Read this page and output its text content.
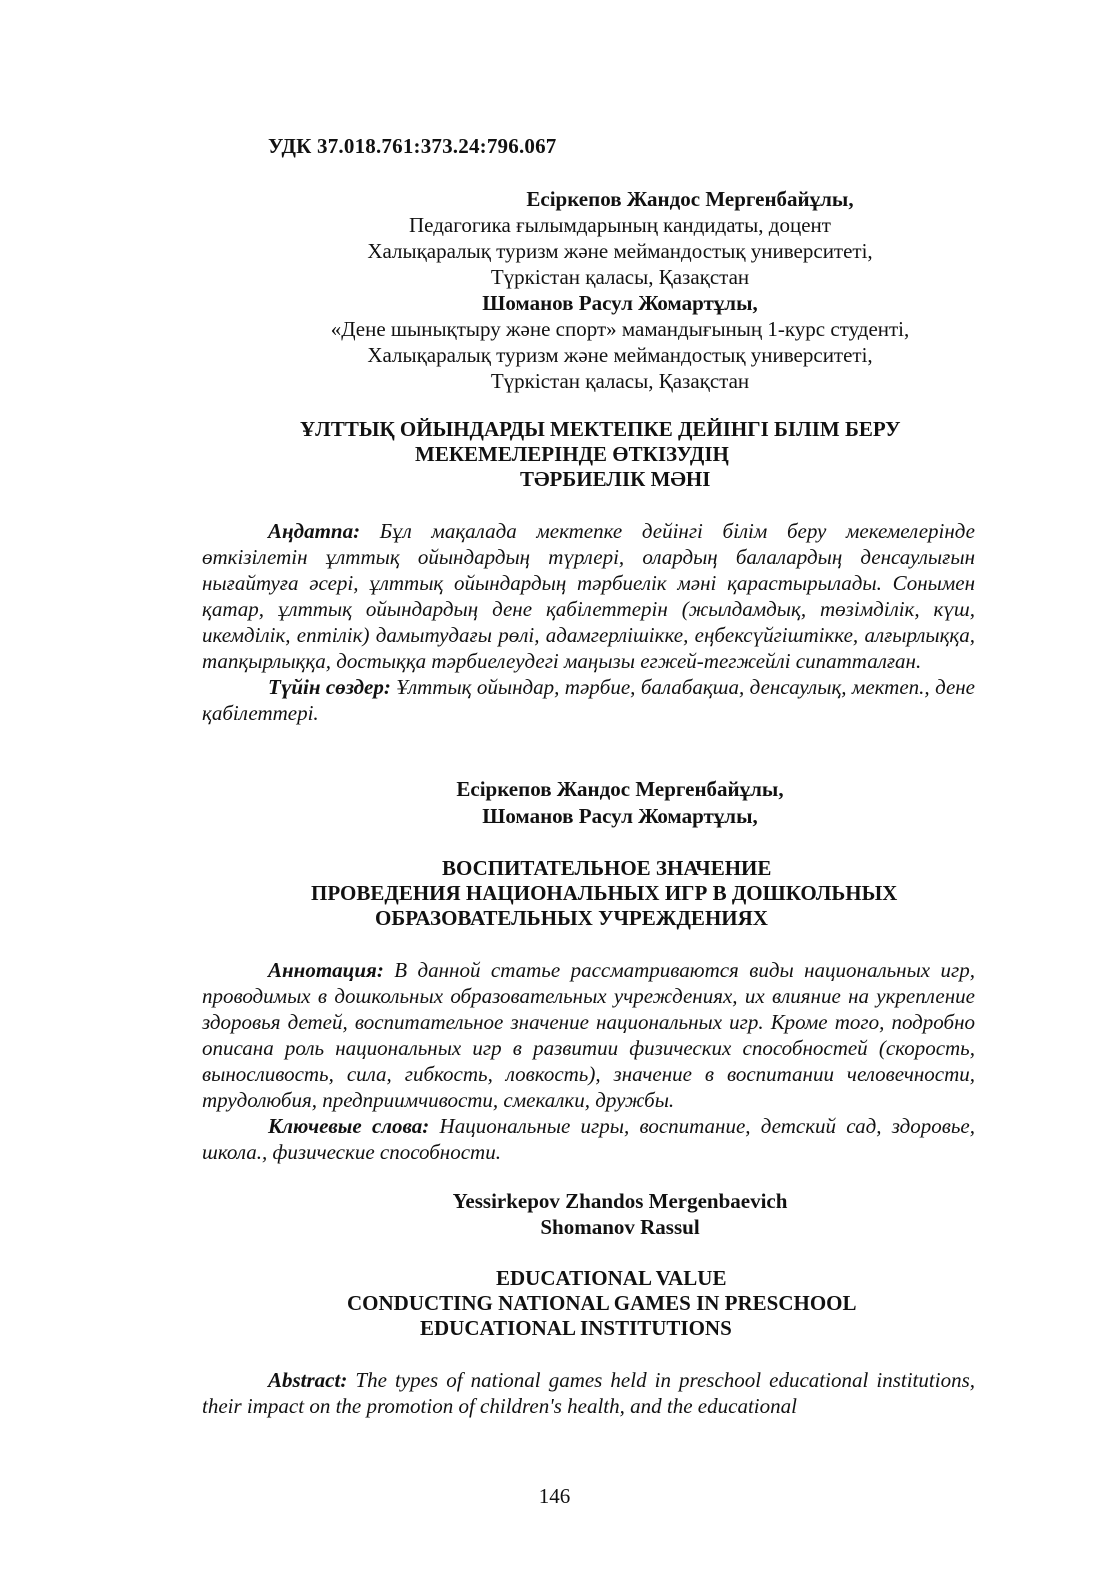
УДК 37.018.761:373.24:796.067
Есіркепов Жандос Мергенбайұлы,
Педагогика ғылымдарының кандидаты, доцент
Халықаралық туризм және меймандостық университеті,
Түркістан қаласы, Қазақстан
Шоманов Расул Жомартұлы,
«Дене шынықтыру және спорт» мамандығының 1-курс студенті,
Халықаралық туризм және меймандостық университеті,
Түркістан қаласы, Қазақстан
ҰЛТТЫҚ ОЙЫНДАРДЫ МЕКТЕПКЕ ДЕЙІНГІ БІЛІМ БЕРУ
МЕКЕМЕЛЕРІНДЕ ӨТКІЗУДІҢ
ТӘРБИЕЛІК МӘНІ

Аңдатпа: Бұл мақалада мектепке дейінгі білім беру мекемелерінде өткізілетін ұлттық ойындардың түрлері, олардың балалардың денсаулығын нығайтуға әсері, ұлттық ойындардың тәрбиелік мәні қарастырылады. Сонымен қатар, ұлттық ойындардың дене қабілеттерін (жылдамдық, төзімділік, күш, икемділік, ептілік) дамытудағы рөлі, адамгерлішікке, еңбексүйгіштікке, алғырлыққа, тапқырлыққа, достыққа тәрбиелеудегі маңызы егжей-тегжейлі сипатталған.

Түйін сөздер: Ұлттық ойындар, тәрбие, балабақша, денсаулық, мектеп., дене қабілеттері.

Есіркепов Жандос Мергенбайұлы,
Шоманов Расул Жомартұлы,
ВОСПИТАТЕЛЬНОЕ ЗНАЧЕНИЕ
ПРОВЕДЕНИЯ НАЦИОНАЛЬНЫХ ИГР В ДОШКОЛЬНЫХ
ОБРАЗОВАТЕЛЬНЫХ УЧРЕЖДЕНИЯХ

Аннотация: В данной статье рассматриваются виды национальных игр, проводимых в дошкольных образовательных учреждениях, их влияние на укрепление здоровья детей, воспитательное значение национальных игр. Кроме того, подробно описана роль национальных игр в развитии физических способностей (скорость, выносливость, сила, гибкость, ловкость), значение в воспитании человечности, трудолюбия, предприимчивости, смекалки, дружбы.

Ключевые слова: Национальные игры, воспитание, детский сад, здоровье, школа., физические способности.

Yessirkepov Zhandos Mergenbaevich
Shomanov Rassul
EDUCATIONAL VALUE
CONDUCTING NATIONAL GAMES IN PRESCHOOL
EDUCATIONAL INSTITUTIONS

Abstract: The types of national games held in preschool educational institutions, their impact on the promotion of children's health, and the educational

146
